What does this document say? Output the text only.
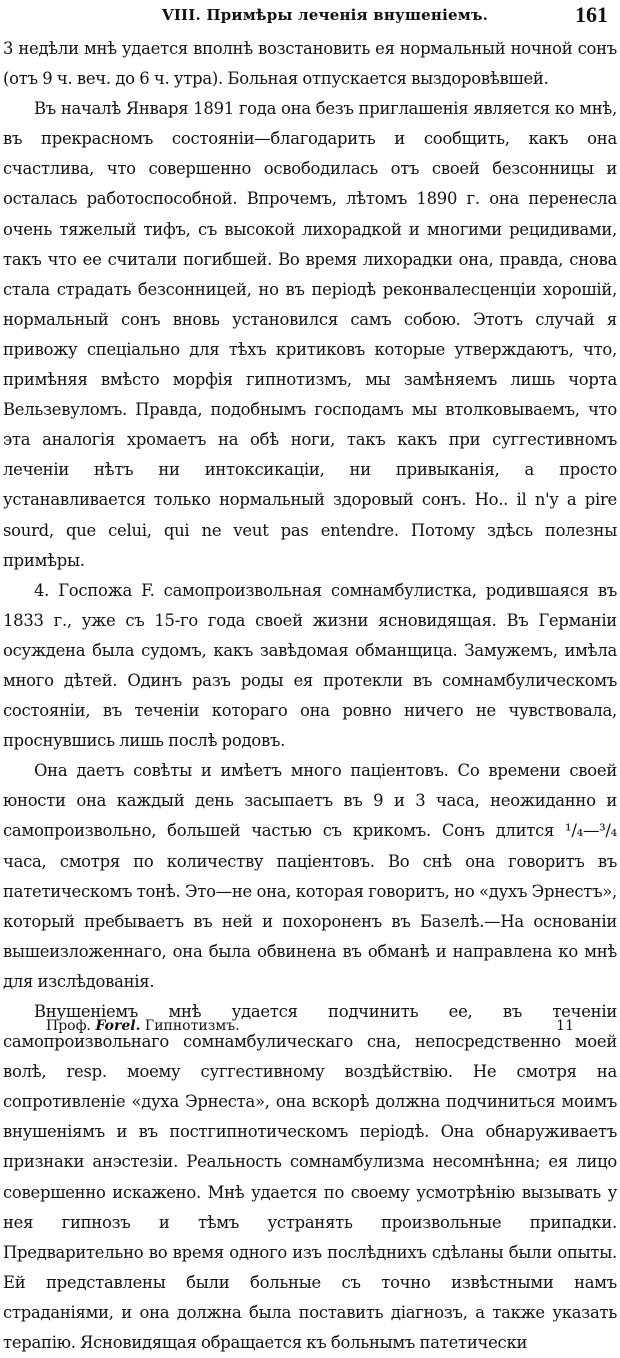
VIII. Примѣры леченія внушеніемъ.	161

3 недѣли мнѣ удается вполнѣ возстановить ея нормальный ночной сонъ (отъ 9 ч. веч. до 6 ч. утра). Больная отпускается выздоровѣвшей.

Въ началѣ Января 1891 года она безъ приглашенія является ко мнѣ, въ прекрасномъ состояніи—благодарить и сообщить, какъ она счастлива, что совершенно освободилась отъ своей безсонницы и осталась работоспособной. Впрочемъ, лѣтомъ 1890 г. она перенесла очень тяжелый тифъ, съ высокой лихорадкой и многими рецидивами, такъ что ее считали погибшей. Во время лихорадки она, правда, снова стала страдать безсонницей, но въ періодѣ реконвалесценціи хорошій, нормальный сонъ вновь установился самъ собою. Этотъ случай я привожу спеціально для тѣхъ критиковъ которые утверждаютъ, что, примѣняя вмѣсто морфія гипнотизмъ, мы замѣняемъ лишь чорта Вельзевуломъ. Правда, подобнымъ господамъ мы втолковываемъ, что эта аналогія хромаетъ на обѣ ноги, такъ какъ при суггестивномъ леченіи нѣтъ ни интоксикаціи, ни привыканія, а просто устанавливается только нормальный здоровый сонъ. Но.. il n'y a pire sourd, que celui, qui ne veut pas entendre. Потому здѣсь полезны примѣры.

4. Госпожа F. самопроизвольная сомнамбулистка, родившаяся въ 1833 г., уже съ 15-го года своей жизни ясновидящая. Въ Германіи осуждена была судомъ, какъ завѣдомая обманщица. Замужемъ, имѣла много дѣтей. Одинъ разъ роды ея протекли въ сомнамбулическомъ состояніи, въ теченіи котораго она ровно ничего не чувствовала, проснувшись лишь послѣ родовъ.

Она даетъ совѣты и имѣетъ много паціентовъ. Со времени своей юности она каждый день засыпаетъ въ 9 и 3 часа, неожиданно и самопроизвольно, большей частью съ крикомъ. Сонъ длится ¹/₄—³/₄ часа, смотря по количеству паціентовъ. Во снѣ она говоритъ въ патетическомъ тонѣ. Это—не она, которая говоритъ, но «духъ Эрнестъ», который пребываетъ въ ней и похороненъ въ Базелѣ.—На основаніи вышеизложеннаго, она была обвинена въ обманѣ и направлена ко мнѣ для изслѣдованія.

Внушеніемъ мнѣ удается подчинить ее, въ теченіи самопроизвольнаго сомнамбулическаго сна, непосредственно моей волѣ, resp. моему суггестивному воздѣйствію. Не смотря на сопротивленіе «духа Эрнеста», она вскорѣ должна подчиниться моимъ внушеніямъ и въ постгипнотическомъ періодѣ. Она обнаруживаетъ признаки анэстезіи. Реальность сомнамбулизма несомнѣнна; ея лицо совершенно искажено. Мнѣ удается по своему усмотрѣнію вызывать у нея гипнозъ и тѣмъ устранять произвольные припадки. Предварительно во время одного изъ послѣднихъ сдѣланы были опыты. Ей представлены были больные съ точно извѣстными намъ страданіями, и она должна была поставить діагнозъ, а также указать терапію. Ясновидящая обращается къ больнымъ патетически

Проф. Forel. Гипнотизмъ.	11
